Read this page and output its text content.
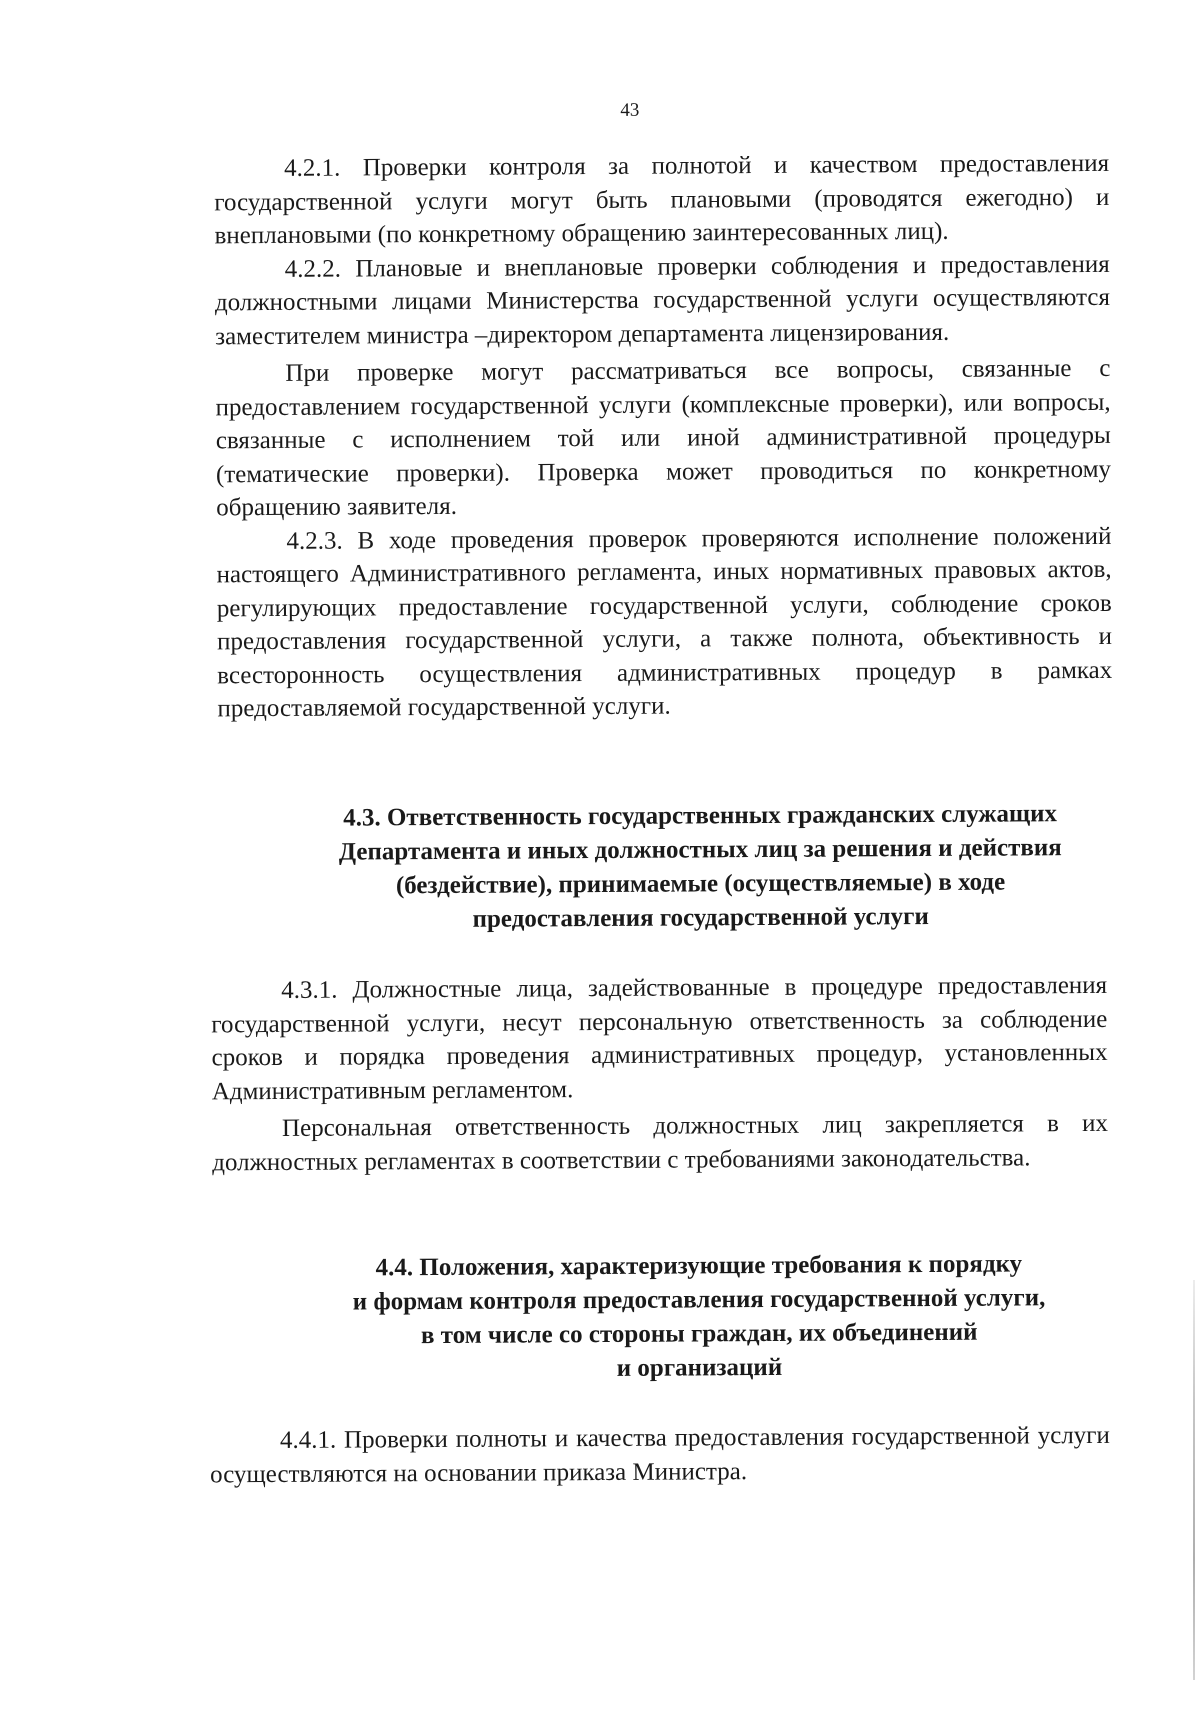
43

4.2.1. Проверки контроля за полнотой и качеством предоставления государственной услуги могут быть плановыми (проводятся ежегодно) и внеплановыми (по конкретному обращению заинтересованных лиц).

4.2.2. Плановые и внеплановые проверки соблюдения и предоставления должностными лицами Министерства государственной услуги осуществляются заместителем министра –директором департамента лицензирования.

При проверке могут рассматриваться все вопросы, связанные с предоставлением государственной услуги (комплексные проверки), или вопросы, связанные с исполнением той или иной административной процедуры (тематические проверки). Проверка может проводиться по конкретному обращению заявителя.

4.2.3. В ходе проведения проверок проверяются исполнение положений настоящего Административного регламента, иных нормативных правовых актов, регулирующих предоставление государственной услуги, соблюдение сроков предоставления государственной услуги, а также полнота, объективность и всесторонность осуществления административных процедур в рамках предоставляемой государственной услуги.

4.3. Ответственность государственных гражданских служащих
Департамента и иных должностных лиц за решения и действия
(бездействие), принимаемые (осуществляемые) в ходе
предоставления государственной услуги

4.3.1. Должностные лица, задействованные в процедуре предоставления государственной услуги, несут персональную ответственность за соблюдение сроков и порядка проведения административных процедур, установленных Административным регламентом.

Персональная ответственность должностных лиц закрепляется в их должностных регламентах в соответствии с требованиями законодательства.

4.4. Положения, характеризующие требования к порядку
и формам контроля предоставления государственной услуги,
в том числе со стороны граждан, их объединений
и организаций

4.4.1. Проверки полноты и качества предоставления государственной услуги осуществляются на основании приказа Министра.
